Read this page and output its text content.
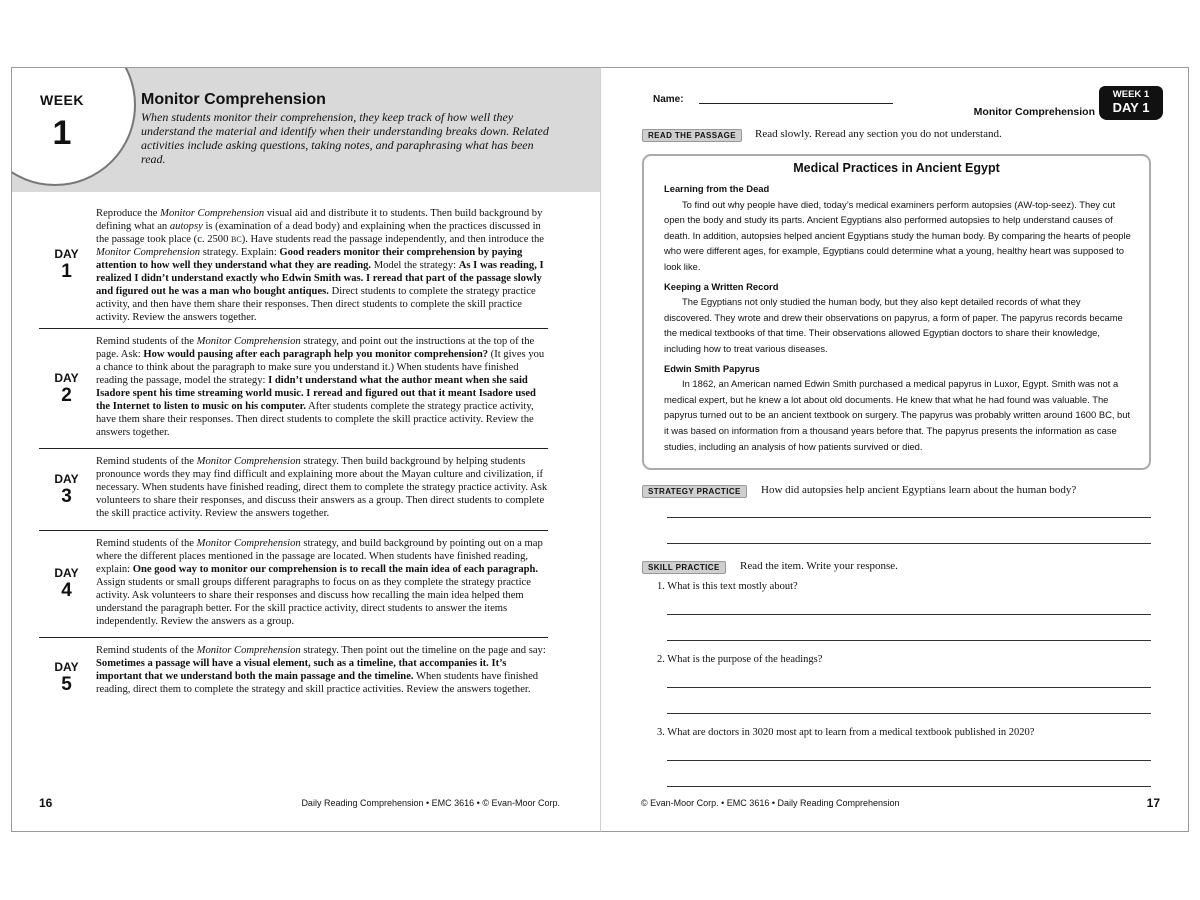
WEEK
1
Monitor Comprehension
When students monitor their comprehension, they keep track of how well they understand the material and identify when their understanding breaks down. Related activities include asking questions, taking notes, and paraphrasing what has been read.
DAY
1
Reproduce the Monitor Comprehension visual aid and distribute it to students. Then build background by defining what an autopsy is (examination of a dead body) and explaining when the practices discussed in the passage took place (c. 2500 BC). Have students read the passage independently, and then introduce the Monitor Comprehension strategy. Explain: Good readers monitor their comprehension by paying attention to how well they understand what they are reading. Model the strategy: As I was reading, I realized I didn’t understand exactly who Edwin Smith was. I reread that part of the passage slowly and figured out he was a man who bought antiques. Direct students to complete the strategy practice activity, and then have them share their responses. Then direct students to complete the skill practice activity. Review the answers together.
DAY
2
Remind students of the Monitor Comprehension strategy, and point out the instructions at the top of the page. Ask: How would pausing after each paragraph help you monitor comprehension? (It gives you a chance to think about the paragraph to make sure you understand it.) When students have finished reading the passage, model the strategy: I didn’t understand what the author meant when she said Isadore spent his time streaming world music. I reread and figured out that it meant Isadore used the Internet to listen to music on his computer. After students complete the strategy practice activity, have them share their responses. Then direct students to complete the skill practice activity. Review the answers together.
DAY
3
Remind students of the Monitor Comprehension strategy. Then build background by helping students pronounce words they may find difficult and explaining more about the Mayan culture and civilization, if necessary. When students have finished reading, direct them to complete the strategy practice activity. Ask volunteers to share their responses, and discuss their answers as a group. Then direct students to complete the skill practice activity. Review the answers together.
DAY
4
Remind students of the Monitor Comprehension strategy, and build background by pointing out on a map where the different places mentioned in the passage are located. When students have finished reading, explain: One good way to monitor our comprehension is to recall the main idea of each paragraph. Assign students or small groups different paragraphs to focus on as they complete the strategy practice activity. Ask volunteers to share their responses and discuss how recalling the main idea helped them understand the paragraph better. For the skill practice activity, direct students to answer the items independently. Review the answers as a group.
DAY
5
Remind students of the Monitor Comprehension strategy. Then point out the timeline on the page and say: Sometimes a passage will have a visual element, such as a timeline, that accompanies it. It’s important that we understand both the main passage and the timeline. When students have finished reading, direct them to complete the strategy and skill practice activities. Review the answers together.
16	Daily Reading Comprehension • EMC 3616 • © Evan-Moor Corp.
Name:	WEEK 1
DAY 1
Monitor Comprehension
READ THE PASSAGE	Read slowly. Reread any section you do not understand.
Medical Practices in Ancient Egypt
Learning from the Dead
To find out why people have died, today’s medical examiners perform autopsies (AW-top-seez). They cut open the body and study its parts. Ancient Egyptians also performed autopsies to help understand causes of death. In addition, autopsies helped ancient Egyptians study the human body. By comparing the hearts of people who were different ages, for example, Egyptians could determine what a young, healthy heart was supposed to look like.
Keeping a Written Record
The Egyptians not only studied the human body, but they also kept detailed records of what they discovered. They wrote and drew their observations on papyrus, a form of paper. The papyrus records became the medical textbooks of that time. Their observations allowed Egyptian doctors to share their knowledge, including how to treat various diseases.
Edwin Smith Papyrus
In 1862, an American named Edwin Smith purchased a medical papyrus in Luxor, Egypt. Smith was not a medical expert, but he knew a lot about old documents. He knew that what he had found was valuable. The papyrus turned out to be an ancient textbook on surgery. The papyrus was probably written around 1600 BC, but it was based on information from a thousand years before that. The papyrus presents the information as case studies, including an analysis of how patients survived or died.
STRATEGY PRACTICE	How did autopsies help ancient Egyptians learn about the human body?
SKILL PRACTICE	Read the item. Write your response.
1. What is this text mostly about?
2. What is the purpose of the headings?
3. What are doctors in 3020 most apt to learn from a medical textbook published in 2020?
© Evan-Moor Corp. • EMC 3616 • Daily Reading Comprehension	17
